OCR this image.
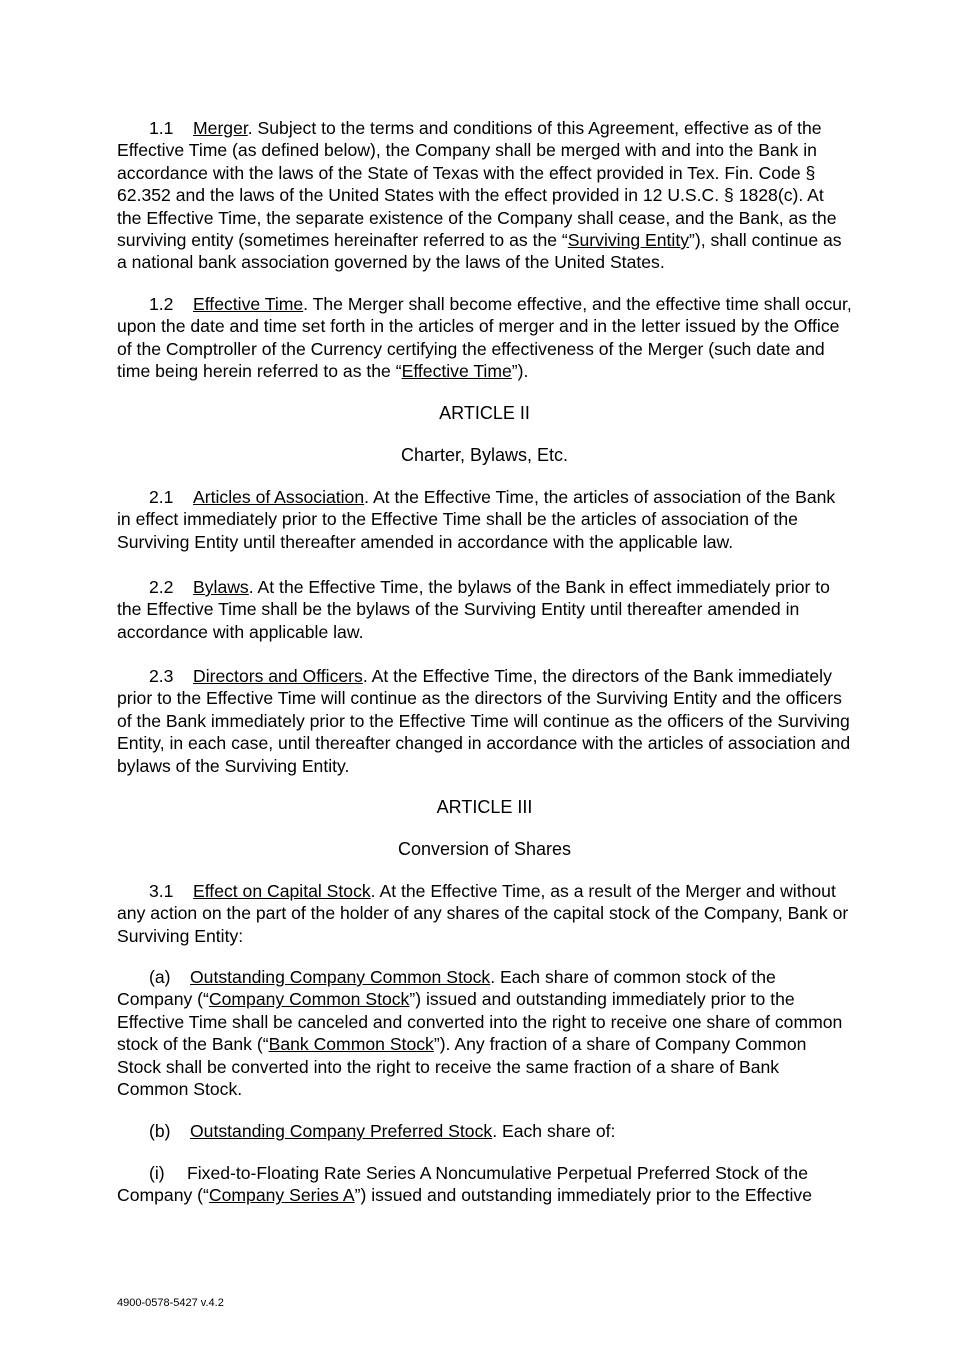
1.1 Merger. Subject to the terms and conditions of this Agreement, effective as of the Effective Time (as defined below), the Company shall be merged with and into the Bank in accordance with the laws of the State of Texas with the effect provided in Tex. Fin. Code § 62.352 and the laws of the United States with the effect provided in 12 U.S.C. § 1828(c). At the Effective Time, the separate existence of the Company shall cease, and the Bank, as the surviving entity (sometimes hereinafter referred to as the “Surviving Entity”), shall continue as a national bank association governed by the laws of the United States.

1.2 Effective Time. The Merger shall become effective, and the effective time shall occur, upon the date and time set forth in the articles of merger and in the letter issued by the Office of the Comptroller of the Currency certifying the effectiveness of the Merger (such date and time being herein referred to as the “Effective Time”).

ARTICLE II

Charter, Bylaws, Etc.

2.1 Articles of Association. At the Effective Time, the articles of association of the Bank in effect immediately prior to the Effective Time shall be the articles of association of the Surviving Entity until thereafter amended in accordance with the applicable law.

2.2 Bylaws. At the Effective Time, the bylaws of the Bank in effect immediately prior to the Effective Time shall be the bylaws of the Surviving Entity until thereafter amended in accordance with applicable law.

2.3 Directors and Officers. At the Effective Time, the directors of the Bank immediately prior to the Effective Time will continue as the directors of the Surviving Entity and the officers of the Bank immediately prior to the Effective Time will continue as the officers of the Surviving Entity, in each case, until thereafter changed in accordance with the articles of association and bylaws of the Surviving Entity.

ARTICLE III

Conversion of Shares

3.1 Effect on Capital Stock. At the Effective Time, as a result of the Merger and without any action on the part of the holder of any shares of the capital stock of the Company, Bank or Surviving Entity:

(a) Outstanding Company Common Stock. Each share of common stock of the Company (“Company Common Stock”) issued and outstanding immediately prior to the Effective Time shall be canceled and converted into the right to receive one share of common stock of the Bank (“Bank Common Stock”). Any fraction of a share of Company Common Stock shall be converted into the right to receive the same fraction of a share of Bank Common Stock.

(b) Outstanding Company Preferred Stock. Each share of:

(i) Fixed-to-Floating Rate Series A Noncumulative Perpetual Preferred Stock of the Company (“Company Series A”) issued and outstanding immediately prior to the Effective

4900-0578-5427 v.4.2
